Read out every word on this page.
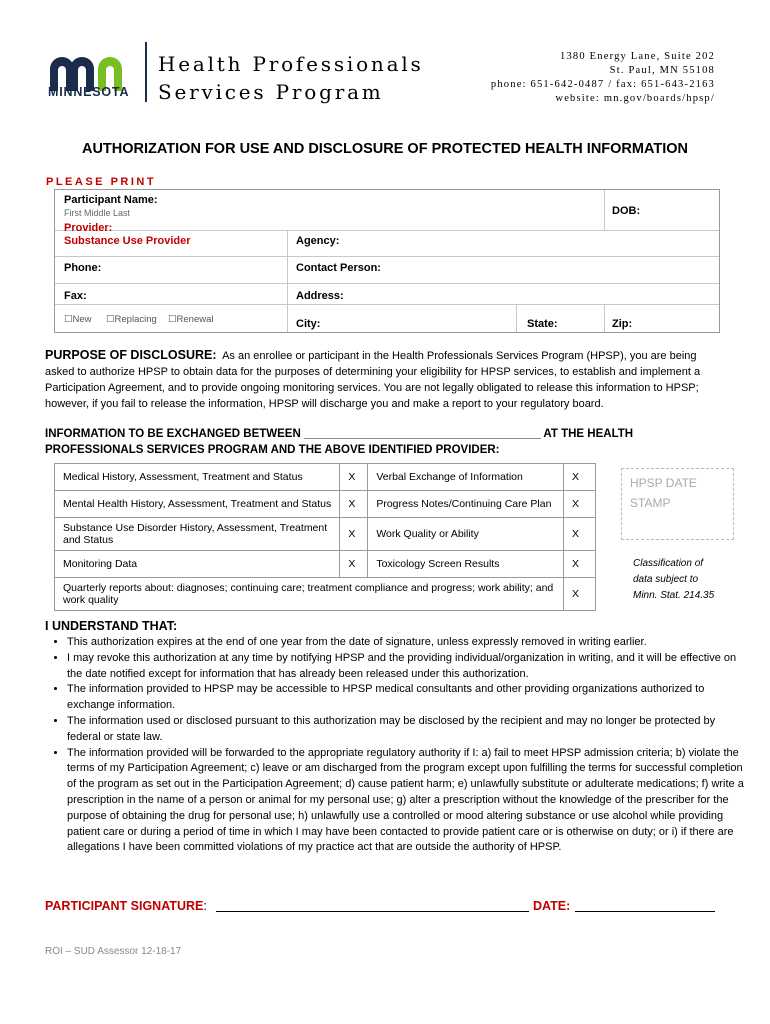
MINNESOTA
Health Professionals
Services Program
1380 Energy Lane, Suite 202
St. Paul, MN 55108
phone: 651-642-0487 / fax: 651-643-2163
website: mn.gov/boards/hpsp/
AUTHORIZATION FOR USE AND DISCLOSURE OF PROTECTED HEALTH INFORMATION
PLEASE PRINT
Participant Name:
First Middle Last	DOB:
Provider:
Substance Use Provider	Agency:
Phone:	Contact Person:
Fax:	Address:
☐New ☐Replacing ☐Renewal	City:	State:	Zip:
PURPOSE OF DISCLOSURE: As an enrollee or participant in the Health Professionals Services Program (HPSP), you are being asked to authorize HPSP to obtain data for the purposes of determining your eligibility for HPSP services, to establish and implement a Participation Agreement, and to provide ongoing monitoring services. You are not legally obligated to release this information to HPSP; however, if you fail to release the information, HPSP will discharge you and make a report to your regulatory board.
INFORMATION TO BE EXCHANGED BETWEEN _____________________________________ AT THE HEALTH PROFESSIONALS SERVICES PROGRAM AND THE ABOVE IDENTIFIED PROVIDER:
Medical History, Assessment, Treatment and Status	X	Verbal Exchange of Information	X
Mental Health History, Assessment, Treatment and Status	X	Progress Notes/Continuing Care Plan	X
Substance Use Disorder History, Assessment, Treatment and Status	X	Work Quality or Ability	X
Monitoring Data	X	Toxicology Screen Results	X
Quarterly reports about: diagnoses; continuing care; treatment compliance and progress; work ability; and work quality			X
HPSP DATE
STAMP
Classification of
data subject to
Minn. Stat. 214.35
I UNDERSTAND THAT:
• This authorization expires at the end of one year from the date of signature, unless expressly removed in writing earlier.
• I may revoke this authorization at any time by notifying HPSP and the providing individual/organization in writing, and it will be effective on the date notified except for information that has already been released under this authorization.
• The information provided to HPSP may be accessible to HPSP medical consultants and other providing organizations authorized to exchange information.
• The information used or disclosed pursuant to this authorization may be disclosed by the recipient and may no longer be protected by federal or state law.
• The information provided will be forwarded to the appropriate regulatory authority if I: a) fail to meet HPSP admission criteria; b) violate the terms of my Participation Agreement; c) leave or am discharged from the program except upon fulfilling the terms for successful completion of the program as set out in the Participation Agreement; d) cause patient harm; e) unlawfully substitute or adulterate medications; f) write a prescription in the name of a person or animal for my personal use; g) alter a prescription without the knowledge of the prescriber for the purpose of obtaining the drug for personal use; h) unlawfully use a controlled or mood altering substance or use alcohol while providing patient care or during a period of time in which I may have been contacted to provide patient care or is otherwise on duty; or i) if there are allegations I have been committed violations of my practice act that are outside the authority of HPSP.
PARTICIPANT SIGNATURE:	DATE:
ROI – SUD Assessor 12-18-17
